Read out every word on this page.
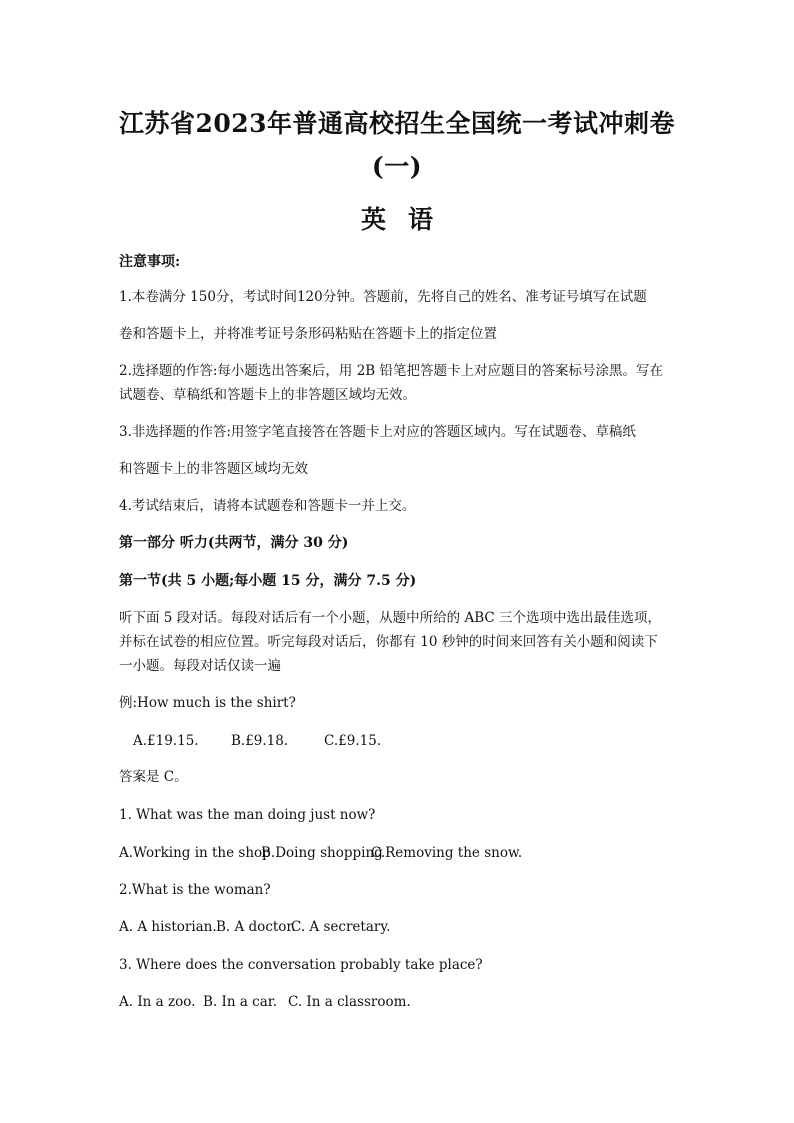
江苏省2023年普通高校招生全国统一考试冲刺卷
(一)
英语
注意事项:
1.本卷满分 150分，考试时间120分钟。答题前，先将自己的姓名、准考证号填写在试题
卷和答题卡上，并将准考证号条形码粘贴在答题卡上的指定位置
2.选择题的作答:每小题选出答案后，用 2B 铅笔把答题卡上对应题目的答案标号涂黑。写在
试题卷、草稿纸和答题卡上的非答题区域均无效。
3.非选择题的作答:用签字笔直接答在答题卡上对应的答题区域内。写在试题卷、草稿纸
和答题卡上的非答题区域均无效
4.考试结束后，请将本试题卷和答题卡一并上交。
第一部分 听力(共两节，满分 30 分)
第一节(共 5 小题;每小题 15 分，满分 7.5 分)
听下面 5 段对话。每段对话后有一个小题，从题中所给的 ABC 三个选项中选出最佳选项，
并标在试卷的相应位置。听完每段对话后，你都有 10 秒钟的时间来回答有关小题和阅读下
一小题。每段对话仅读一遍
例:How much is the shirt?
A.£19.15. B.£9.18.	C.£9.15.
答案是 C。
1. What was the man doing just now?
A.Working in the shopB.Doing shoppingC.Removing the snow.
2.What is the woman?
A. A historian.B. A doctor.C. A secretary.
3. Where does the conversation probably take place?
A. In a zoo. B. In a car. C. In a classroom.
